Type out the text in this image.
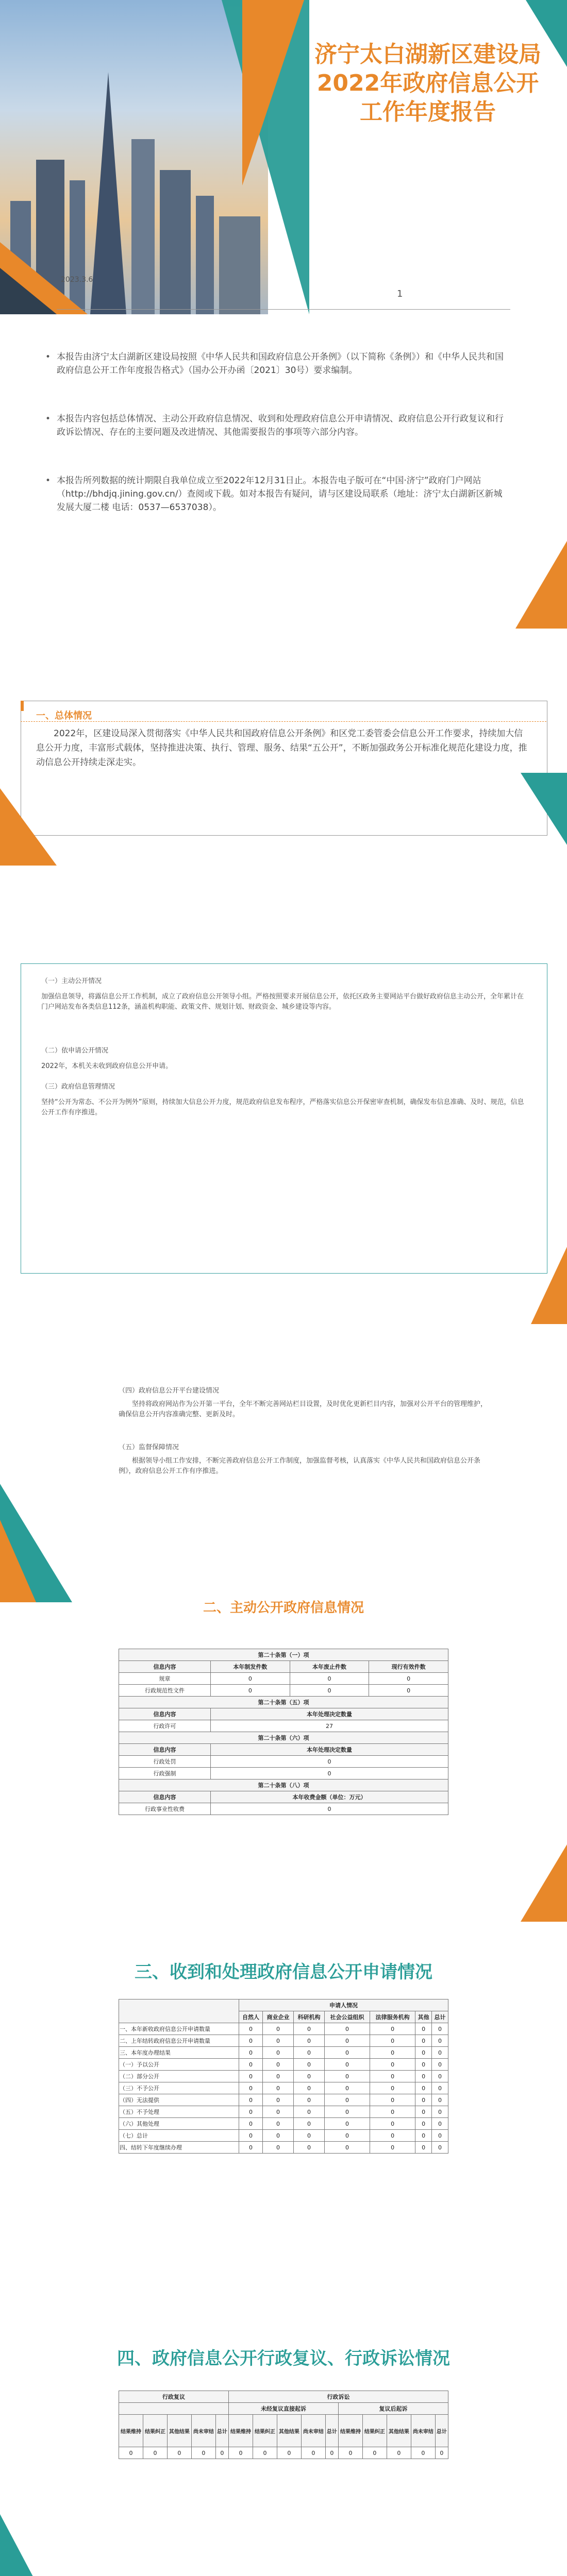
济宁太白湖新区建设局
2022年政府信息公开
工作年度报告
2023.3.6
1
• 本报告由济宁太白湖新区建设局按照《中华人民共和国政府信息公开条例》（以下简称《条例》）和《中华人民共和国政府信息公开工作年度报告格式》（国办公开办函〔2021〕30号）要求编制。
• 本报告内容包括总体情况、主动公开政府信息情况、收到和处理政府信息公开申请情况、政府信息公开行政复议和行政诉讼情况、存在的主要问题及改进情况、其他需要报告的事项等六部分内容。
• 本报告所列数据的统计期限自我单位成立至2022年12月31日止。本报告电子版可在“中国·济宁”政府门户网站（http://bhdjq.jining.gov.cn/）查阅或下载。如对本报告有疑问，请与区建设局联系（地址：济宁太白湖新区新城发展大厦二楼 电话：0537—6537038）。
一、总体情况
2022年，区建设局深入贯彻落实《中华人民共和国政府信息公开条例》和区党工委管委会信息公开工作要求，持续加大信息公开力度，丰富形式载体，坚持推进决策、执行、管理、服务、结果“五公开”，不断加强政务公开标准化规范化建设力度，推动信息公开持续走深走实。
（一）主动公开情况
加强信息领导，将露信息公开工作机制，成立了政府信息公开领导小组。严格按照要求开展信息公开，依托区政务主要网站平台做好政府信息主动公开，全年累计在门户网站发布各类信息112条，涵盖机构职能、政策文件、规划计划、财政资金、城乡建设等内容。
（二）依申请公开情况
2022年，本机关未收到政府信息公开申请。
（三）政府信息管理情况
坚持“公开为常态、不公开为例外”原则，持续加大信息公开力度，规范政府信息发布程序，严格落实信息公开保密审查机制，确保发布信息准确、及时、规范，信息公开工作有序推进。
（四）政府信息公开平台建设情况
坚持将政府网站作为公开第一平台，全年不断完善网站栏目设置，及时优化更新栏目内容，加强对公开平台的管理维护，确保信息公开内容准确完整、更新及时。
（五）监督保障情况
根据领导小组工作安排，不断完善政府信息公开工作制度，加强监督考核，认真落实《中华人民共和国政府信息公开条例》，政府信息公开工作有序推进。
二、主动公开政府信息情况
第二十条第（一）项			
信息内容	本年制发件数	本年废止件数	现行有效件数
规章	0	0	0
行政规范性文件	0	0	0
第二十条第（五）项			
信息内容	本年处理决定数量		
行政许可	27		
第二十条第（六）项			
信息内容	本年处理决定数量		
行政处罚	0		
行政强制	0		
第二十条第（八）项			
信息内容	本年收费金额（单位：万元）		
行政事业性收费	0		
三、收到和处理政府信息公开申请情况
	申请人情况						
	自然人	商业企业	科研机构	社会公益组织	法律服务机构	其他	总计
一、本年新收政府信息公开申请数量	0	0	0	0	0	0	0
二、上年结转政府信息公开申请数量	0	0	0	0	0	0	0
三、本年度办理结果	0	0	0	0	0	0	0
（一）予以公开	0	0	0	0	0	0	0
（二）部分公开	0	0	0	0	0	0	0
（三）不予公开	0	0	0	0	0	0	0
（四）无法提供	0	0	0	0	0	0	0
（五）不予处理	0	0	0	0	0	0	0
（六）其他处理	0	0	0	0	0	0	0
（七）总计	0	0	0	0	0	0	0
四、结转下年度继续办理	0	0	0	0	0	0	0
四、政府信息公开行政复议、行政诉讼情况
行政复议					行政诉讼									
					未经复议直接起诉					复议后起诉				
结果维持	结果纠正	其他结果	尚未审结	总计	结果维持	结果纠正	其他结果	尚未审结	总计	结果维持	结果纠正	其他结果	尚未审结	总计
0	0	0	0	0	0	0	0	0	0	0	0	0	0	0
